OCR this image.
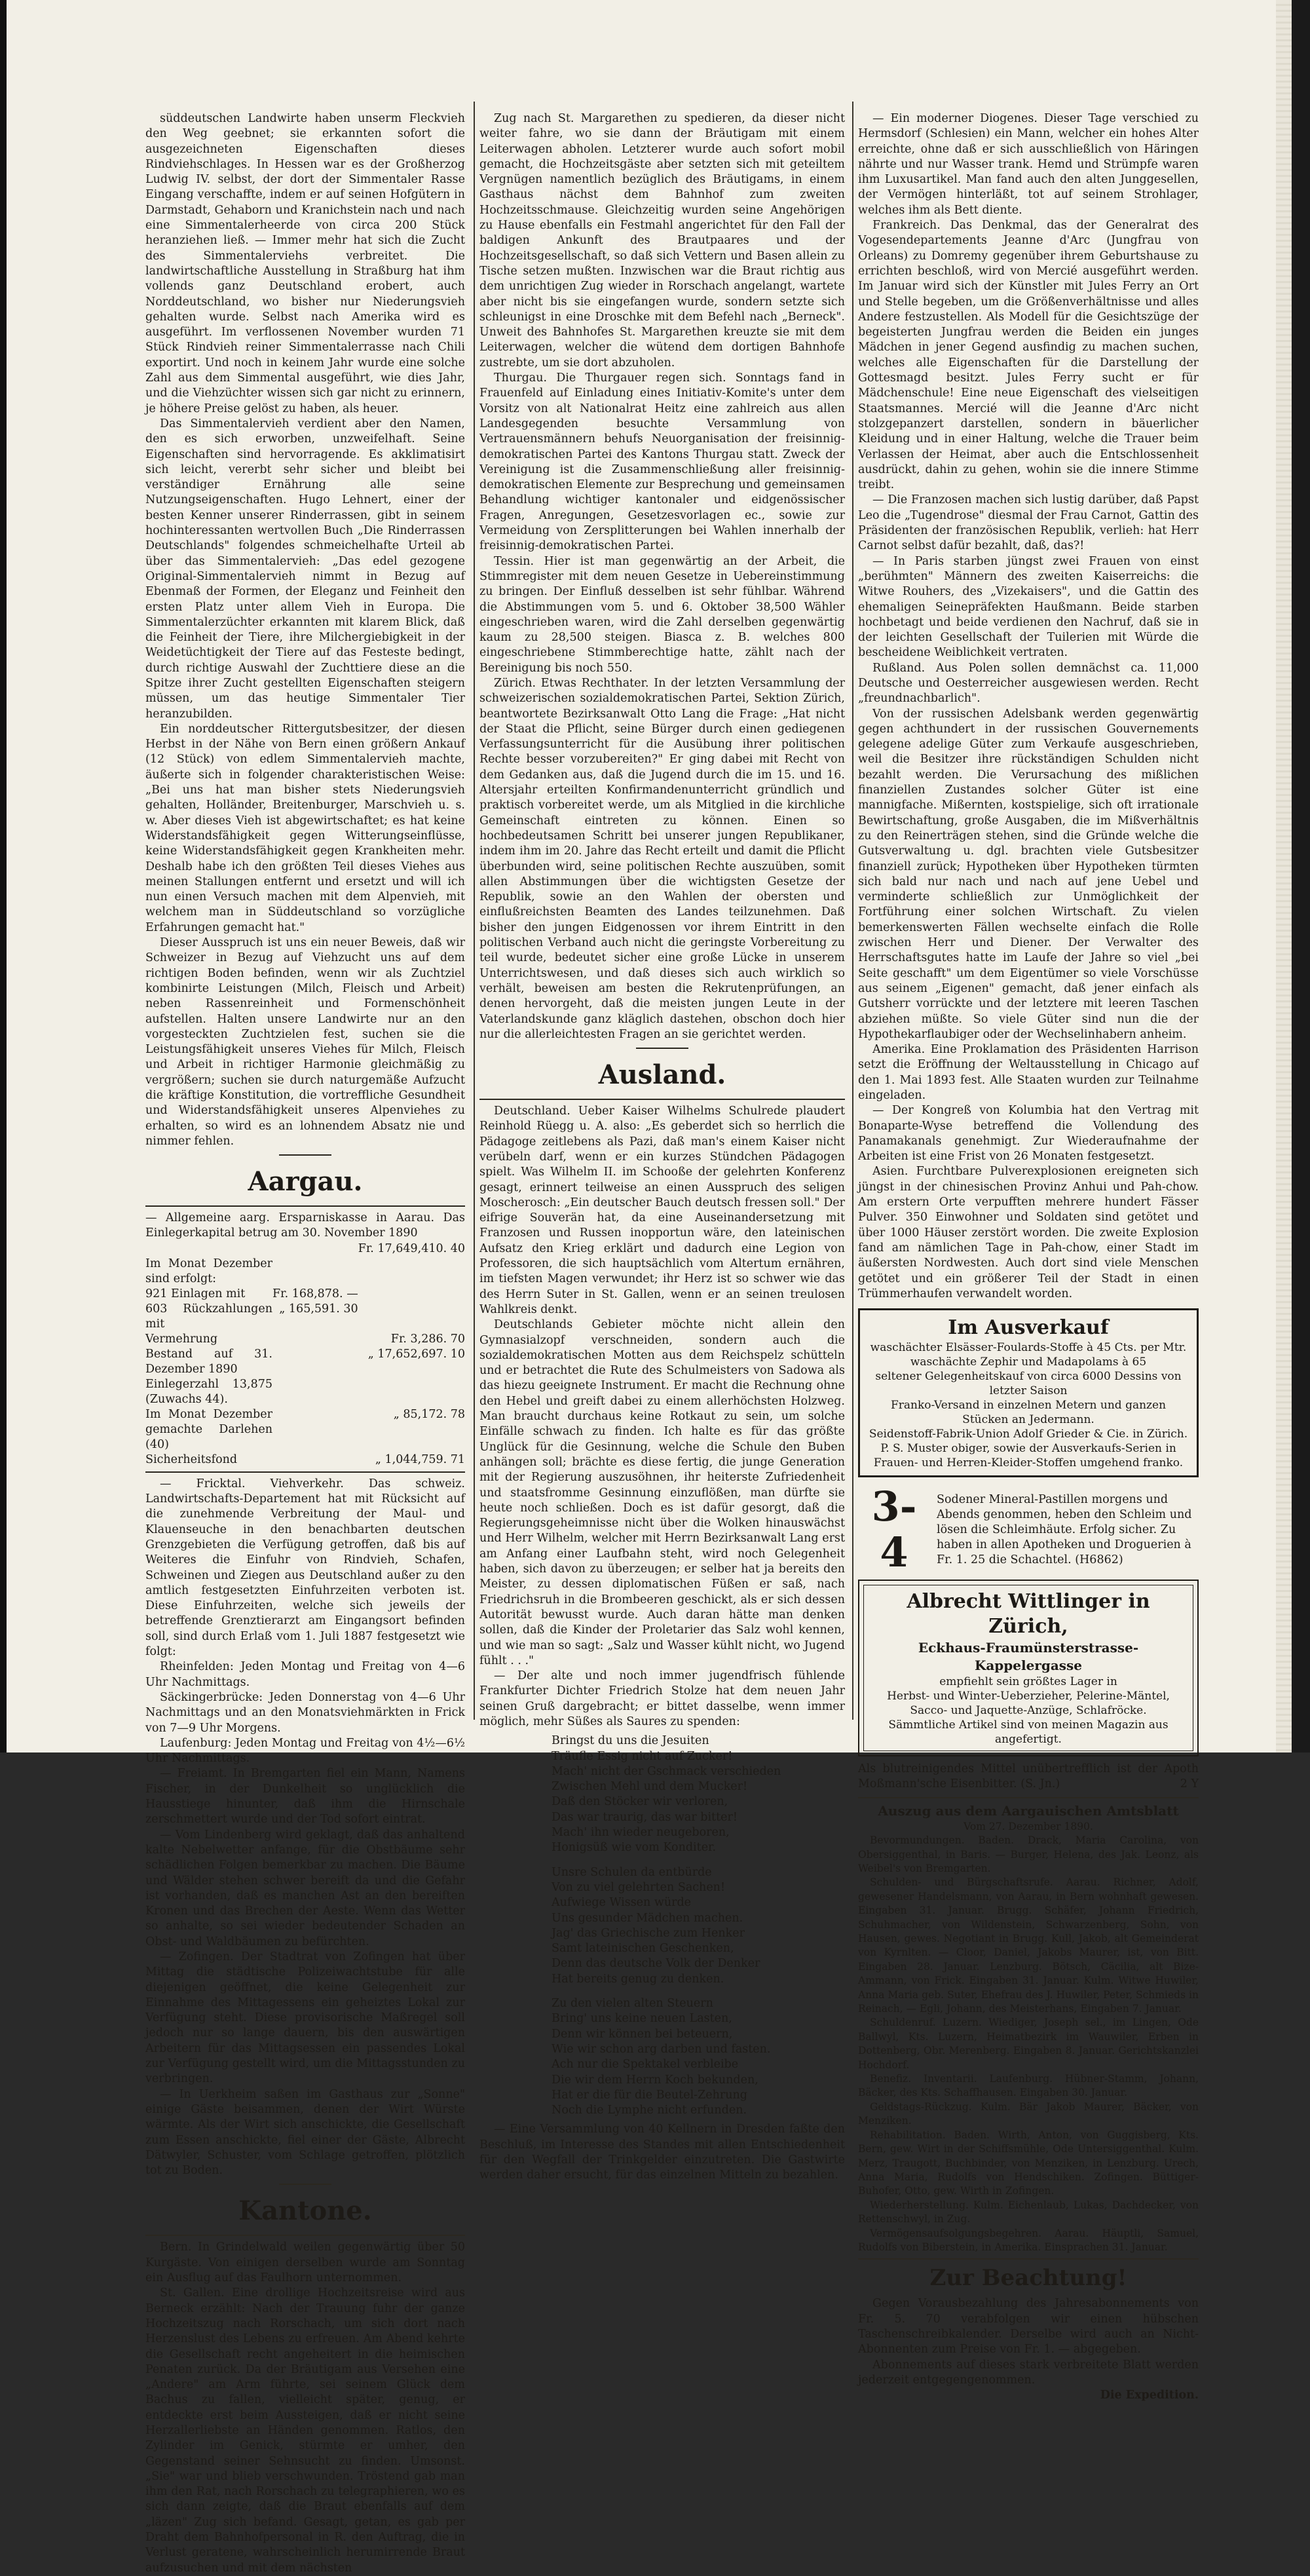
süddeutschen Landwirte haben unserm Fleckvieh den Weg geebnet; sie erkannten sofort die ausgezeichneten Eigenschaften dieses Rindviehschlages. In Hessen war es der Großherzog Ludwig IV. selbst, der dort der Simmentaler Rasse Eingang verschaffte, indem er auf seinen Hofgütern in Darmstadt, Gehaborn und Kranichstein nach und nach eine Simmentalerheerde von circa 200 Stück heranziehen ließ. — Immer mehr hat sich die Zucht des Simmentalerviehs verbreitet. Die landwirtschaftliche Ausstellung in Straßburg hat ihm vollends ganz Deutschland erobert, auch Norddeutschland, wo bisher nur Niederungsvieh gehalten wurde. Selbst nach Amerika wird es ausgeführt. Im verflossenen November wurden 71 Stück Rindvieh reiner Simmentalerrasse nach Chili exportirt. Und noch in keinem Jahr wurde eine solche Zahl aus dem Simmental ausgeführt, wie dies Jahr, und die Viehzüchter wissen sich gar nicht zu erinnern, je höhere Preise gelöst zu haben, als heuer.

Das Simmentalervieh verdient aber den Namen, den es sich erworben, unzweifelhaft. Seine Eigenschaften sind hervorragende. Es akklimatisirt sich leicht, vererbt sehr sicher und bleibt bei verständiger Ernährung alle seine Nutzungseigenschaften. Hugo Lehnert, einer der besten Kenner unserer Rinderrassen, gibt in seinem hochinteressanten wertvollen Buch „Die Rinderrassen Deutschlands" folgendes schmeichelhafte Urteil ab über das Simmentalervieh: „Das edel gezogene Original-Simmentalervieh nimmt in Bezug auf Ebenmaß der Formen, der Eleganz und Feinheit den ersten Platz unter allem Vieh in Europa. Die Simmentalerzüchter erkannten mit klarem Blick, daß die Feinheit der Tiere, ihre Milchergiebigkeit in der Weidetüchtigkeit der Tiere auf das Festeste bedingt, durch richtige Auswahl der Zuchttiere diese an die Spitze ihrer Zucht gestellten Eigenschaften steigern müssen, um das heutige Simmentaler Tier heranzubilden.

Ein norddeutscher Rittergutsbesitzer, der diesen Herbst in der Nähe von Bern einen größern Ankauf (12 Stück) von edlem Simmentalervieh machte, äußerte sich in folgender charakteristischen Weise: „Bei uns hat man bisher stets Niederungsvieh gehalten, Holländer, Breitenburger, Marschvieh u. s. w. Aber dieses Vieh ist abgewirtschaftet; es hat keine Widerstandsfähigkeit gegen Witterungseinflüsse, keine Widerstandsfähigkeit gegen Krankheiten mehr. Deshalb habe ich den größten Teil dieses Viehes aus meinen Stallungen entfernt und ersetzt und will ich nun einen Versuch machen mit dem Alpenvieh, mit welchem man in Süddeutschland so vorzügliche Erfahrungen gemacht hat."

Dieser Ausspruch ist uns ein neuer Beweis, daß wir Schweizer in Bezug auf Viehzucht uns auf dem richtigen Boden befinden, wenn wir als Zuchtziel kombinirte Leistungen (Milch, Fleisch und Arbeit) neben Rassenreinheit und Formenschönheit aufstellen. Halten unsere Landwirte nur an den vorgesteckten Zuchtzielen fest, suchen sie die Leistungsfähigkeit unseres Viehes für Milch, Fleisch und Arbeit in richtiger Harmonie gleichmäßig zu vergrößern; suchen sie durch naturgemäße Aufzucht die kräftige Konstitution, die vortreffliche Gesundheit und Widerstandsfähigkeit unseres Alpenviehes zu erhalten, so wird es an lohnendem Absatz nie und nimmer fehlen.

Aargau.

— Allgemeine aarg. Ersparniskasse in Aarau. Das Einlegerkapital betrug am 30. November 1890

		Fr. 17,649,410. 40
Im Monat Dezember sind erfolgt:		
921 Einlagen mit	Fr. 168,878. —	
603 Rückzahlungen mit	„ 165,591. 30	
Vermehrung		Fr. 3,286. 70
Bestand auf 31. Dezember 1890		„ 17,652,697. 10
Einlegerzahl 13,875 (Zuwachs 44).		
Im Monat Dezember gemachte Darlehen (40)		„ 85,172. 78
Sicherheitsfond		„ 1,044,759. 71

— Fricktal. Viehverkehr. Das schweiz. Landwirtschafts-Departement hat mit Rücksicht auf die zunehmende Verbreitung der Maul- und Klauenseuche in den benachbarten deutschen Grenzgebieten die Verfügung getroffen, daß bis auf Weiteres die Einfuhr von Rindvieh, Schafen, Schweinen und Ziegen aus Deutschland außer zu den amtlich festgesetzten Einfuhrzeiten verboten ist. Diese Einfuhrzeiten, welche sich jeweils der betreffende Grenztierarzt am Eingangsort befinden soll, sind durch Erlaß vom 1. Juli 1887 festgesetzt wie folgt:

Rheinfelden: Jeden Montag und Freitag von 4—6 Uhr Nachmittags.

Säckingerbrücke: Jeden Donnerstag von 4—6 Uhr Nachmittags und an den Monatsviehmärkten in Frick von 7—9 Uhr Morgens.

Laufenburg: Jeden Montag und Freitag von 4½—6½ Uhr Nachmittags.

— Freiamt. In Bremgarten fiel ein Mann, Namens Fischer, in der Dunkelheit so unglücklich die Hausstiege hinunter, daß ihm die Hirnschale zerschmettert wurde und der Tod sofort eintrat.

— Vom Lindenberg wird geklagt, daß das anhaltend kalte Nebelwetter anfange, für die Obstbäume sehr schädlichen Folgen bemerkbar zu machen. Die Bäume und Wälder stehen schwer bereift da und die Gefahr ist vorhanden, daß es manchen Ast an den bereiften Kronen und das Brechen der Aeste. Wenn das Wetter so anhalte, so sei wieder bedeutender Schaden an Obst- und Waldbäumen zu befürchten.

— Zofingen. Der Stadtrat von Zofingen hat über Mittag die städtische Polizeiwachtstube für alle diejenigen geöffnet, die keine Gelegenheit zur Einnahme des Mittagessens ein geheiztes Lokal zur Verfügung steht. Diese provisorische Maßregel soll jedoch nur so lange dauern, bis den auswärtigen Arbeitern für das Mittagsessen ein passendes Lokal zur Verfügung gestellt wird, um die Mittagsstunden zu verbringen.

— In Uerkheim saßen im Gasthaus zur „Sonne" einige Gäste beisammen, denen der Wirt Würste wärmte. Als der Wirt sich anschickte, die Gesellschaft zum Essen anschickte, fiel einer der Gäste, Albrecht Dätwyler, Schuster, vom Schlage getroffen, plötzlich tot zu Boden.

Kantone.

Bern. In Grindelwald weilen gegenwärtig über 50 Kurgäste. Von einigen derselben wurde am Sonntag ein Ausflug auf das Faulhorn unternommen.

St. Gallen. Eine drollige Hochzeitsreise wird aus Berneck erzählt: Nach der Trauung fuhr der ganze Hochzeitszug nach Rorschach, um sich dort nach Herzenslust des Lebens zu erfreuen. Am Abend kehrte die Gesellschaft recht angeheitert in die heimischen Penaten zurück. Da der Bräutigam aus Versehen eine „Andere" am Arm führte, sei seinem Glück dem Bachus zu fallen, vielleicht später, genug, er entdeckte erst beim Aussteigen, daß er nicht seine Herzallerliebste an Händen genommen. Ratlos, den Zylinder im Genick, stürmte er umher, den Gegenstand seiner Sehnsucht zu finden. Umsonst. „Sie" war und blieb verschwunden. Tröstend gab man ihm den Rat, nach Rorschach zu telegraphieren, wo es sich dann zeigte, daß die Braut ebenfalls auf dem „läzen" Zug sich befand. Gesagt, getan, es gab per Draht dem Bahnhofpersonal in R. den Auftrag, die in Verlust geratene, wahrscheinlich herumirrende Braut aufzusuchen und mit dem nächsten

Zug nach St. Margarethen zu spedieren, da dieser nicht weiter fahre, wo sie dann der Bräutigam mit einem Leiterwagen abholen. Letzterer wurde auch sofort mobil gemacht, die Hochzeitsgäste aber setzten sich mit geteiltem Vergnügen namentlich bezüglich des Bräutigams, in einem Gasthaus nächst dem Bahnhof zum zweiten Hochzeitsschmause. Gleichzeitig wurden seine Angehörigen zu Hause ebenfalls ein Festmahl angerichtet für den Fall der baldigen Ankunft des Brautpaares und der Hochzeitsgesellschaft, so daß sich Vettern und Basen allein zu Tische setzen mußten. Inzwischen war die Braut richtig aus dem unrichtigen Zug wieder in Rorschach angelangt, wartete aber nicht bis sie eingefangen wurde, sondern setzte sich schleunigst in eine Droschke mit dem Befehl nach „Berneck". Unweit des Bahnhofes St. Margarethen kreuzte sie mit dem Leiterwagen, welcher die wütend dem dortigen Bahnhofe zustrebte, um sie dort abzuholen.

Thurgau. Die Thurgauer regen sich. Sonntags fand in Frauenfeld auf Einladung eines Initiativ-Komite's unter dem Vorsitz von alt Nationalrat Heitz eine zahlreich aus allen Landesgegenden besuchte Versammlung von Vertrauensmännern behufs Neuorganisation der freisinnig-demokratischen Partei des Kantons Thurgau statt. Zweck der Vereinigung ist die Zusammenschließung aller freisinnig-demokratischen Elemente zur Besprechung und gemeinsamen Behandlung wichtiger kantonaler und eidgenössischer Fragen, Anregungen, Gesetzesvorlagen ec., sowie zur Vermeidung von Zersplitterungen bei Wahlen innerhalb der freisinnig-demokratischen Partei.

Tessin. Hier ist man gegenwärtig an der Arbeit, die Stimmregister mit dem neuen Gesetze in Uebereinstimmung zu bringen. Der Einfluß desselben ist sehr fühlbar. Während die Abstimmungen vom 5. und 6. Oktober 38,500 Wähler eingeschrieben waren, wird die Zahl derselben gegenwärtig kaum zu 28,500 steigen. Biasca z. B. welches 800 eingeschriebene Stimmberechtige hatte, zählt nach der Bereinigung bis noch 550.

Zürich. Etwas Rechthater. In der letzten Versammlung der schweizerischen sozialdemokratischen Partei, Sektion Zürich, beantwortete Bezirksanwalt Otto Lang die Frage: „Hat nicht der Staat die Pflicht, seine Bürger durch einen gediegenen Verfassungsunterricht für die Ausübung ihrer politischen Rechte besser vorzubereiten?" Er ging dabei mit Recht von dem Gedanken aus, daß die Jugend durch die im 15. und 16. Altersjahr erteilten Konfirmandenunterricht gründlich und praktisch vorbereitet werde, um als Mitglied in die kirchliche Gemeinschaft eintreten zu können. Einen so hochbedeutsamen Schritt bei unserer jungen Republikaner, indem ihm im 20. Jahre das Recht erteilt und damit die Pflicht überbunden wird, seine politischen Rechte auszuüben, somit allen Abstimmungen über die wichtigsten Gesetze der Republik, sowie an den Wahlen der obersten und einflußreichsten Beamten des Landes teilzunehmen. Daß bisher den jungen Eidgenossen vor ihrem Eintritt in den politischen Verband auch nicht die geringste Vorbereitung zu teil wurde, bedeutet sicher eine große Lücke in unserem Unterrichtswesen, und daß dieses sich auch wirklich so verhält, beweisen am besten die Rekrutenprüfungen, an denen hervorgeht, daß die meisten jungen Leute in der Vaterlandskunde ganz kläglich dastehen, obschon doch hier nur die allerleichtesten Fragen an sie gerichtet werden.

Ausland.

Deutschland. Ueber Kaiser Wilhelms Schulrede plaudert Reinhold Rüegg u. A. also: „Es geberdet sich so herrlich die Pädagoge zeitlebens als Pazi, daß man's einem Kaiser nicht verübeln darf, wenn er ein kurzes Stündchen Pädagogen spielt. Was Wilhelm II. im Schooße der gelehrten Konferenz gesagt, erinnert teilweise an einen Ausspruch des seligen Moscherosch: „Ein deutscher Bauch deutsch fressen soll." Der eifrige Souverän hat, da eine Auseinandersetzung mit Franzosen und Russen inopportun wäre, den lateinischen Aufsatz den Krieg erklärt und dadurch eine Legion von Professoren, die sich hauptsächlich vom Altertum ernähren, im tiefsten Magen verwundet; ihr Herz ist so schwer wie das des Herrn Suter in St. Gallen, wenn er an seinen treulosen Wahlkreis denkt.

Deutschlands Gebieter möchte nicht allein den Gymnasialzopf verschneiden, sondern auch die sozialdemokratischen Motten aus dem Reichspelz schütteln und er betrachtet die Rute des Schulmeisters von Sadowa als das hiezu geeignete Instrument. Er macht die Rechnung ohne den Hebel und greift dabei zu einem allerhöchsten Holzweg. Man braucht durchaus keine Rotkaut zu sein, um solche Einfälle schwach zu finden. Ich halte es für das größte Unglück für die Gesinnung, welche die Schule den Buben anhängen soll; brächte es diese fertig, die junge Generation mit der Regierung auszusöhnen, ihr heiterste Zufriedenheit und staatsfromme Gesinnung einzuflößen, man dürfte sie heute noch schließen. Doch es ist dafür gesorgt, daß die Regierungsgeheimnisse nicht über die Wolken hinauswächst und Herr Wilhelm, welcher mit Herrn Bezirksanwalt Lang erst am Anfang einer Laufbahn steht, wird noch Gelegenheit haben, sich davon zu überzeugen; er selber hat ja bereits den Meister, zu dessen diplomatischen Füßen er saß, nach Friedrichsruh in die Brombeeren geschickt, als er sich dessen Autorität bewusst wurde. Auch daran hätte man denken sollen, daß die Kinder der Proletarier das Salz wohl kennen, und wie man so sagt: „Salz und Wasser kühlt nicht, wo Jugend fühlt . . ."

— Der alte und noch immer jugendfrisch fühlende Frankfurter Dichter Friedrich Stolze hat dem neuen Jahr seinen Gruß dargebracht; er bittet dasselbe, wenn immer möglich, mehr Süßes als Saures zu spenden:

Bringst du uns die Jesuiten
Träufle Essig nicht auf Zucker!
Mach' nicht der Gschmack verschieden
Zwischen Mehl und dem Mucker!
Daß den Stöcker wir verloren,
Das war traurig, das war bitter!
Mach' ihn wieder neugeboren,
Honigsüß wie vom Konditer.
Unsre Schulen da entbürde
Von zu viel gelehrten Sachen!
Aufwiege Wissen würde
Uns gesunder Mädchen machen.
Jag' das Griechische zum Henker
Samt lateinischen Geschenken,
Denn das deutsche Volk der Denker
Hat bereits genug zu denken.
Zu den vielen alten Steuern
Bring' uns keine neuen Lasten,
Denn wir können bei beteuern,
Wie wir schon arg darben und fasten.
Ach nur die Spektakel verbleibe
Die wir dem Herrn Koch bekunden,
Hat er die für die Beutel-Zehrung
Noch die Lymphe nicht erfunden.

— Eine Versammlung von 40 Kellnern in Dresden faßte den Beschluß, im Interesse des Standes mit allen Entschiedenheit für den Wegfall der Trinkgelder einzutreten. Die Gastwirte werden daher ersucht, für das einzelnen Mitteln zu bezahlen.

— Ein moderner Diogenes. Dieser Tage verschied zu Hermsdorf (Schlesien) ein Mann, welcher ein hohes Alter erreichte, ohne daß er sich ausschließlich von Häringen nährte und nur Wasser trank. Hemd und Strümpfe waren ihm Luxusartikel. Man fand auch den alten Junggesellen, der Vermögen hinterläßt, tot auf seinem Strohlager, welches ihm als Bett diente.

Frankreich. Das Denkmal, das der Generalrat des Vogesendepartements Jeanne d'Arc (Jungfrau von Orleans) zu Domremy gegenüber ihrem Geburtshause zu errichten beschloß, wird von Mercié ausgeführt werden. Im Januar wird sich der Künstler mit Jules Ferry an Ort und Stelle begeben, um die Größenverhältnisse und alles Andere festzustellen. Als Modell für die Gesichtszüge der begeisterten Jungfrau werden die Beiden ein junges Mädchen in jener Gegend ausfindig zu machen suchen, welches alle Eigenschaften für die Darstellung der Gottesmagd besitzt. Jules Ferry sucht er für Mädchenschule! Eine neue Eigenschaft des vielseitigen Staatsmannes. Mercié will die Jeanne d'Arc nicht stolzgepanzert darstellen, sondern in bäuerlicher Kleidung und in einer Haltung, welche die Trauer beim Verlassen der Heimat, aber auch die Entschlossenheit ausdrückt, dahin zu gehen, wohin sie die innere Stimme treibt.

— Die Franzosen machen sich lustig darüber, daß Papst Leo die „Tugendrose" diesmal der Frau Carnot, Gattin des Präsidenten der französischen Republik, verlieh: hat Herr Carnot selbst dafür bezahlt, daß, das?!

— In Paris starben jüngst zwei Frauen von einst „berühmten" Männern des zweiten Kaiserreichs: die Witwe Rouhers, des „Vizekaisers", und die Gattin des ehemaligen Seinepräfekten Haußmann. Beide starben hochbetagt und beide verdienen den Nachruf, daß sie in der leichten Gesellschaft der Tuilerien mit Würde die bescheidene Weiblichkeit vertraten.

Rußland. Aus Polen sollen demnächst ca. 11,000 Deutsche und Oesterreicher ausgewiesen werden. Recht „freundnachbarlich".

Von der russischen Adelsbank werden gegenwärtig gegen achthundert in der russischen Gouvernements gelegene adelige Güter zum Verkaufe ausgeschrieben, weil die Besitzer ihre rückständigen Schulden nicht bezahlt werden. Die Verursachung des mißlichen finanziellen Zustandes solcher Güter ist eine mannigfache. Mißernten, kostspielige, sich oft irrationale Bewirtschaftung, große Ausgaben, die im Mißverhältnis zu den Reinerträgen stehen, sind die Gründe welche die Gutsverwaltung u. dgl. brachten viele Gutsbesitzer finanziell zurück; Hypotheken über Hypotheken türmten sich bald nur nach und nach auf jene Uebel und verminderte schließlich zur Unmöglichkeit der Fortführung einer solchen Wirtschaft. Zu vielen bemerkenswerten Fällen wechselte einfach die Rolle zwischen Herr und Diener. Der Verwalter des Herrschaftsgutes hatte im Laufe der Jahre so viel „bei Seite geschafft" um dem Eigentümer so viele Vorschüsse aus seinem „Eigenen" gemacht, daß jener einfach als Gutsherr vorrückte und der letztere mit leeren Taschen abziehen müßte. So viele Güter sind nun die der Hypothekarflaubiger oder der Wechselinhabern anheim.

Amerika. Eine Proklamation des Präsidenten Harrison setzt die Eröffnung der Weltausstellung in Chicago auf den 1. Mai 1893 fest. Alle Staaten wurden zur Teilnahme eingeladen.

— Der Kongreß von Kolumbia hat den Vertrag mit Bonaparte-Wyse betreffend die Vollendung des Panamakanals genehmigt. Zur Wiederaufnahme der Arbeiten ist eine Frist von 26 Monaten festgesetzt.

Asien. Furchtbare Pulverexplosionen ereigneten sich jüngst in der chinesischen Provinz Anhui und Pah-chow. Am erstern Orte verpufften mehrere hundert Fässer Pulver. 350 Einwohner und Soldaten sind getötet und über 1000 Häuser zerstört worden. Die zweite Explosion fand am nämlichen Tage in Pah-chow, einer Stadt im äußersten Nordwesten. Auch dort sind viele Menschen getötet und ein größerer Teil der Stadt in einen Trümmerhaufen verwandelt worden.

Im Ausverkauf
waschächter Elsässer-Foulards-Stoffe à 45 Cts. per Mtr.
waschächte Zephir und Madapolams à 65
seltener Gelegenheitskauf von circa 6000 Dessins von letzter Saison
Franko-Versand in einzelnen Metern und ganzen Stücken an Jedermann.
Seidenstoff-Fabrik-Union Adolf Grieder & Cie. in Zürich.
P. S. Muster obiger, sowie der Ausverkaufs-Serien in Frauen- und Herren-Kleider-Stoffen umgehend franko.
3-4
Sodener Mineral-Pastillen morgens und Abends genommen, heben den Schleim und lösen die Schleimhäute. Erfolg sicher. Zu haben in allen Apotheken und Droguerien à Fr. 1. 25 die Schachtel. (H6862)
Albrecht Wittlinger in Zürich,
Eckhaus-Fraumünsterstrasse-Kappelergasse
empfiehlt sein größtes Lager in
Herbst- und Winter-Ueberzieher, Pelerine-Mäntel,
Sacco- und Jaquette-Anzüge, Schlafröcke.
Sämmtliche Artikel sind von meinen Magazin aus angefertigt.
Als blutreinigendes Mittel unübertrefflich ist der Apoth Moßmann'sche Eisenbitter. (S. Jn.)	2 Y
Auszug aus dem Aargauischen Amtsblatt
Vom 27. Dezember 1890.

Bevormundungen. Baden. Drack, Maria Carolina, von Obersiggenthal, in Baris. — Burger, Helena, des Jak. Leonz, als Weibel's von Bremgarten.

Schulden- und Bürgschaftsrufe. Aarau. Richner, Adolf, gewesener Handelsmann, von Aarau, in Bern wohnhaft gewesen. Eingaben 31. Januar. Brugg. Schäfer, Johann Friedrich, Schuhmacher, von Wildenstein, Schwarzenberg, Sohn, von Hausen, gewes. Negotiant in Brugg. Kull, Jakob, alt Gemeinderat von Kyrnlten. — Cloor, Daniel, Jakobs Maurer, ist, von Bitt. Eingaben 28. Januar. Lenzburg. Bötsch, Cäcilia, alt Bize-Ammann, von Frick. Eingaben 31. Januar. Kulm. Witwe Huwiler, Anna Maria geb. Suter, Ehefrau des J. Huwiler, Peter, Schmieds in Reinach, — Egli, Johann, des Meisterhans, Eingaben 7. Januar.

Schuldenruf. Luzern. Wiediger, Joseph sel., im Lingen, Ode Ballwyl, Kts. Luzern, Heimatbezirk im Wauwiler, Erben in Dottenberg, Obr. Merenberg. Eingaben 8. Januar. Gerichtskanzlei Hochdorf.

Benefiz. Inventarii. Laufenburg. Hübner-Stamm, Johann, Bäcker, des Kts. Schaffhausen. Eingaben 30. Januar.

Geldstags-Rückzug. Kulm. Bär Jakob Maurer, Bäcker, von Menziken.

Rehabilitation. Baden. Wirth, Anton, von Guggisberg, Kts. Bern, gew. Wirt in der Schiffsmühle, Ode Untersiggenthal. Kulm. Merz, Traugott, Buchbinder, von Menziken, in Lenzburg. Urech, Anna Maria, Rudolfs von Hendschiken. Zofingen. Büttiger-Buhofer, Otto, gew. Wirth in Zofingen.

Wiederherstellung. Kulm. Eichenlaub, Lukas, Dachdecker, von Rettenschwyl, in Zug.

Vermögensaufsolgungsbegehren. Aarau. Häuptli, Samuel, Rudolfs von Biberstein, in Amerika. Einsprachen 31. Januar.

Zur Beachtung!

Gegen Vorausbezahlung des Jahresabonnements von Fr. 5. 70 verabfolgen wir einen hübschen Taschenschreibkalender. Derselbe wird auch an Nicht-Abonnenten zum Preise von Fr. 1. — abgegeben.

Abonnements auf dieses stark verbreitete Blatt werden jederzeit entgegengenommen.

Die Expedition.
